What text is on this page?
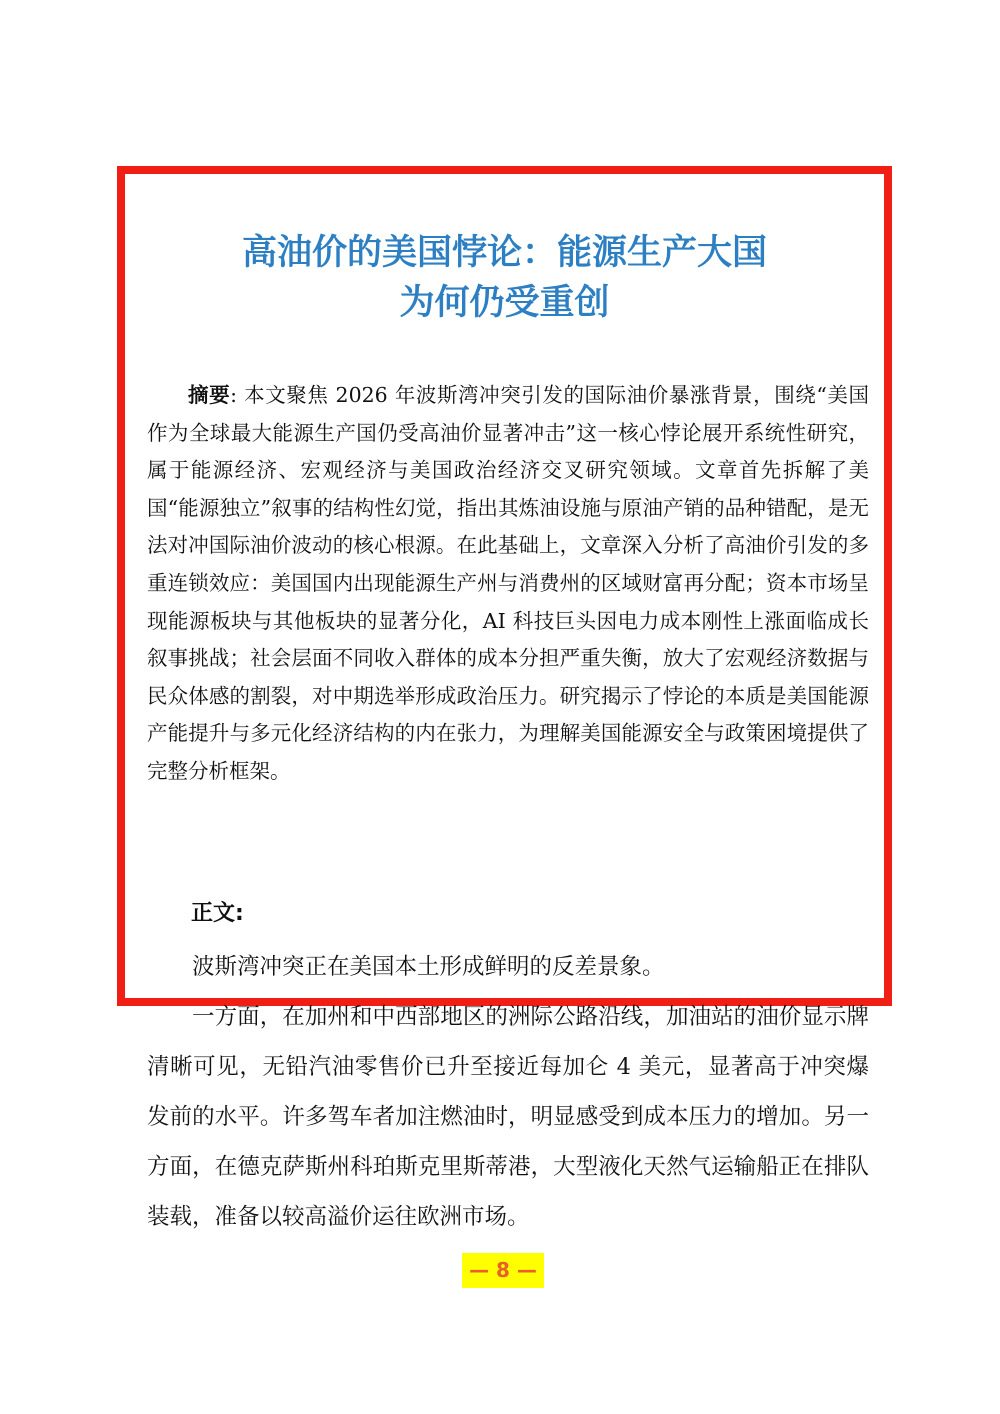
高油价的美国悖论：能源生产大国
为何仍受重创

摘要: 本文聚焦 2026 年波斯湾冲突引发的国际油价暴涨背景，围绕“美国作为全球最大能源生产国仍受高油价显著冲击”这一核心悖论展开系统性研究，属于能源经济、宏观经济与美国政治经济交叉研究领域。文章首先拆解了美国“能源独立”叙事的结构性幻觉，指出其炼油设施与原油产销的品种错配，是无法对冲国际油价波动的核心根源。在此基础上，文章深入分析了高油价引发的多重连锁效应：美国国内出现能源生产州与消费州的区域财富再分配；资本市场呈现能源板块与其他板块的显著分化，AI 科技巨头因电力成本刚性上涨面临成长叙事挑战；社会层面不同收入群体的成本分担严重失衡，放大了宏观经济数据与民众体感的割裂，对中期选举形成政治压力。研究揭示了悖论的本质是美国能源产能提升与多元化经济结构的内在张力，为理解美国能源安全与政策困境提供了完整分析框架。

正文:

波斯湾冲突正在美国本土形成鲜明的反差景象。

一方面，在加州和中西部地区的洲际公路沿线，加油站的油价显示牌清晰可见，无铅汽油零售价已升至接近每加仑 4 美元，显著高于冲突爆发前的水平。许多驾车者加注燃油时，明显感受到成本压力的增加。另一方面，在德克萨斯州科珀斯克里斯蒂港，大型液化天然气运输船正在排队装载，准备以较高溢价运往欧洲市场。

— 8 —
